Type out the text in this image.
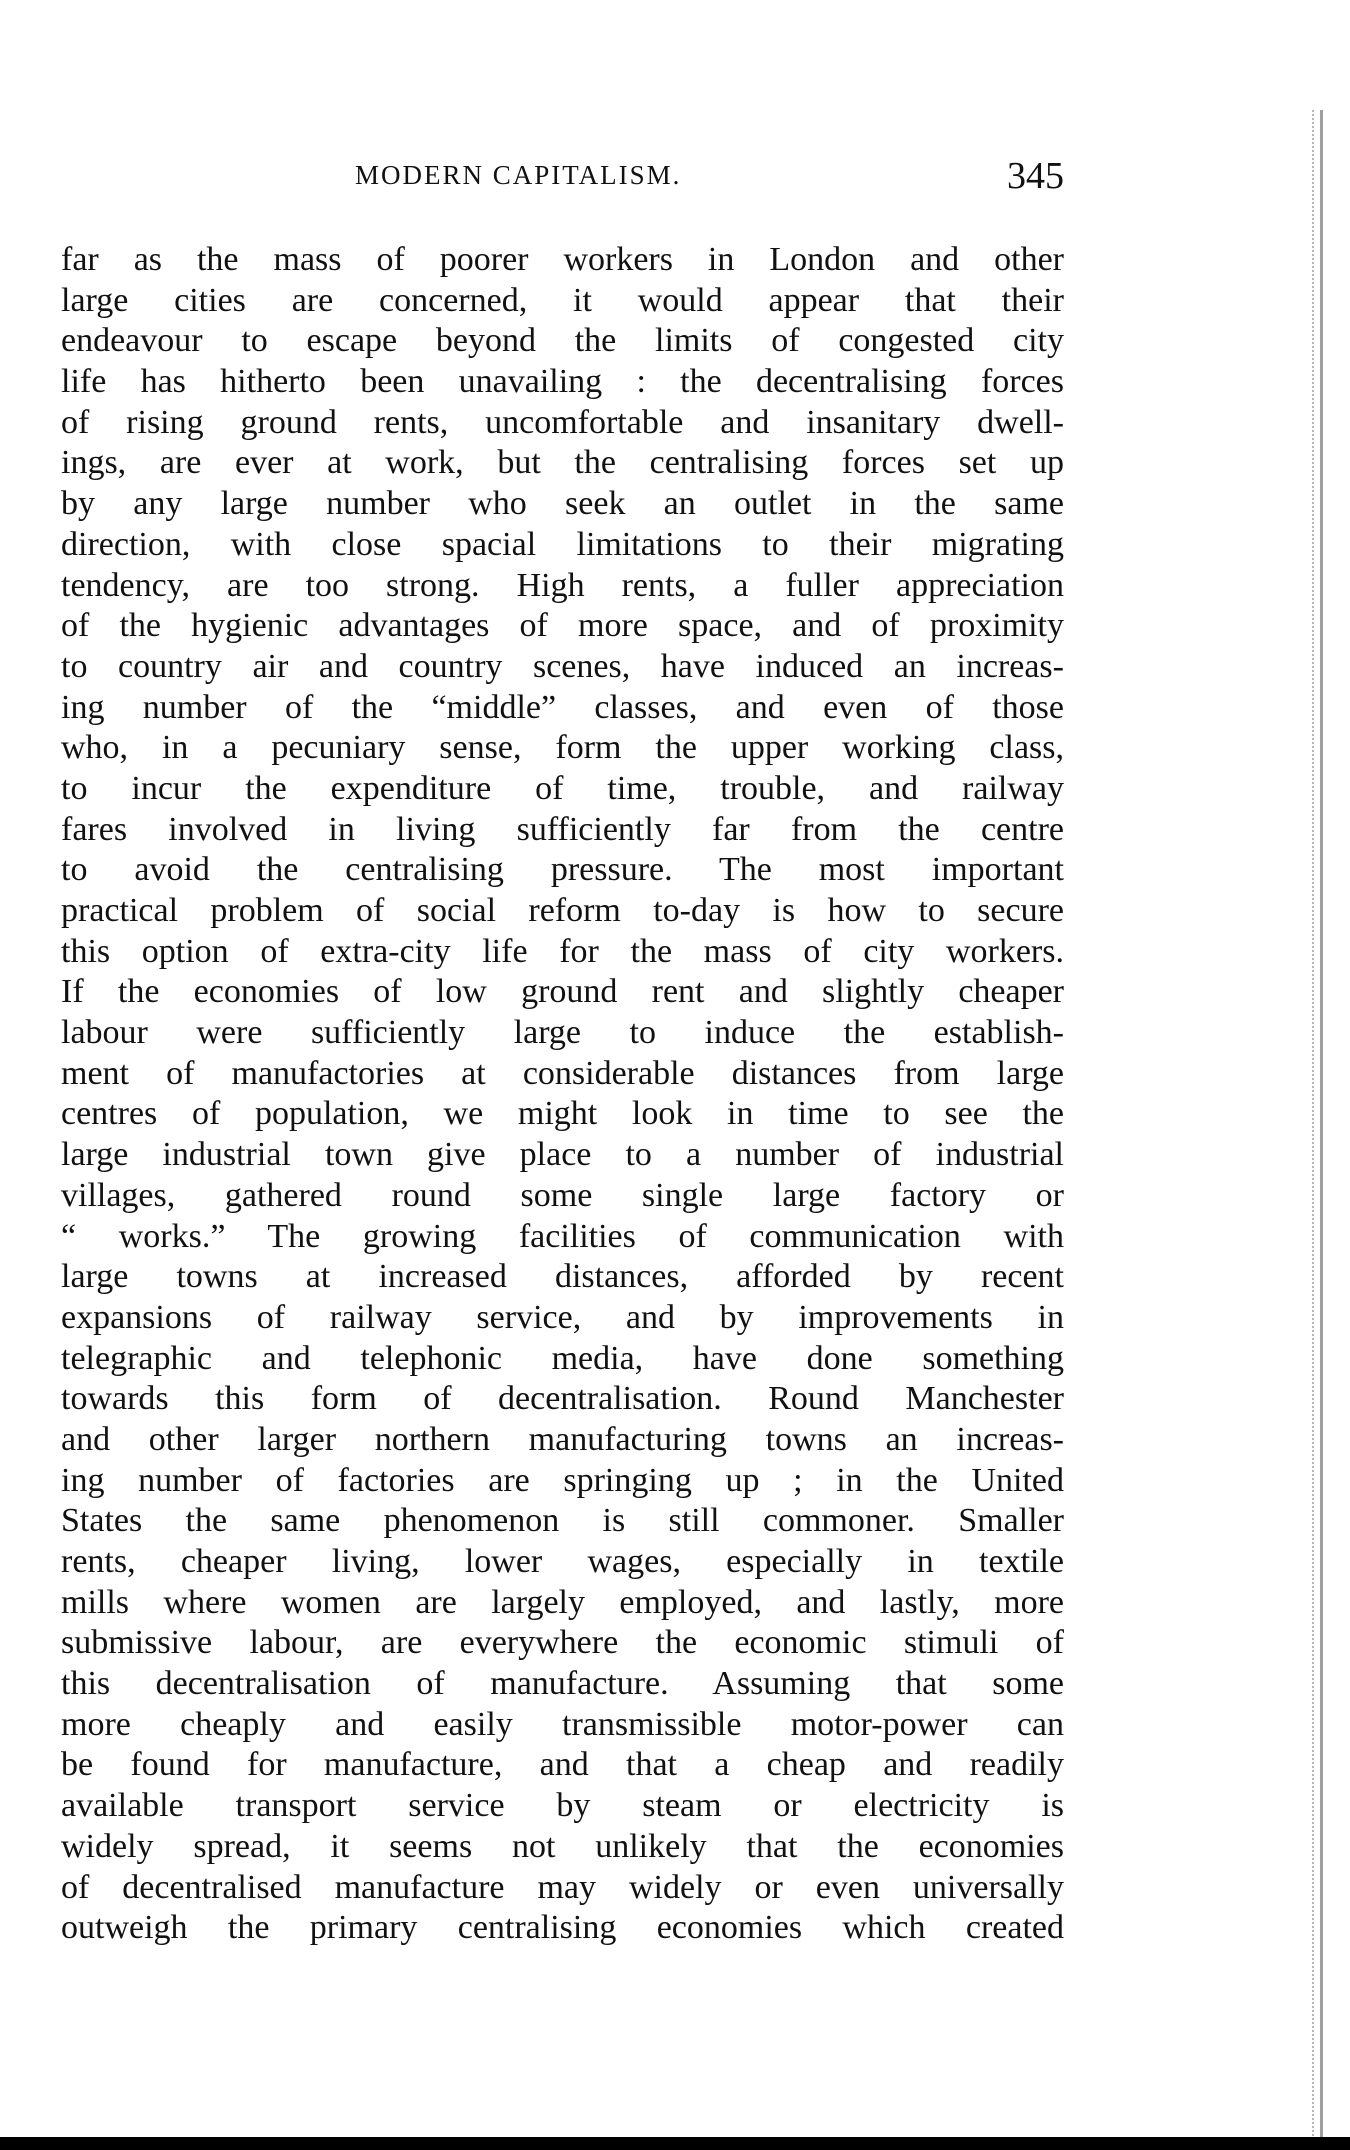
MODERN CAPITALISM.	345
far as the mass of poorer workers in London and other
large cities are concerned, it would appear that their
endeavour to escape beyond the limits of congested city
life has hitherto been unavailing : the decentralising forces
of rising ground rents, uncomfortable and insanitary dwell-
ings, are ever at work, but the centralising forces set up
by any large number who seek an outlet in the same
direction, with close spacial limitations to their migrating
tendency, are too strong. High rents, a fuller appreciation
of the hygienic advantages of more space, and of proximity
to country air and country scenes, have induced an increas-
ing number of the “middle” classes, and even of those
who, in a pecuniary sense, form the upper working class,
to incur the expenditure of time, trouble, and railway
fares involved in living sufficiently far from the centre
to avoid the centralising pressure. The most important
practical problem of social reform to-day is how to secure
this option of extra-city life for the mass of city workers.
If the economies of low ground rent and slightly cheaper
labour were sufficiently large to induce the establish-
ment of manufactories at considerable distances from large
centres of population, we might look in time to see the
large industrial town give place to a number of industrial
villages, gathered round some single large factory or
“ works.” The growing facilities of communication with
large towns at increased distances, afforded by recent
expansions of railway service, and by improvements in
telegraphic and telephonic media, have done something
towards this form of decentralisation. Round Manchester
and other larger northern manufacturing towns an increas-
ing number of factories are springing up ; in the United
States the same phenomenon is still commoner. Smaller
rents, cheaper living, lower wages, especially in textile
mills where women are largely employed, and lastly, more
submissive labour, are everywhere the economic stimuli of
this decentralisation of manufacture. Assuming that some
more cheaply and easily transmissible motor-power can
be found for manufacture, and that a cheap and readily
available transport service by steam or electricity is
widely spread, it seems not unlikely that the economies
of decentralised manufacture may widely or even universally
outweigh the primary centralising economies which created
